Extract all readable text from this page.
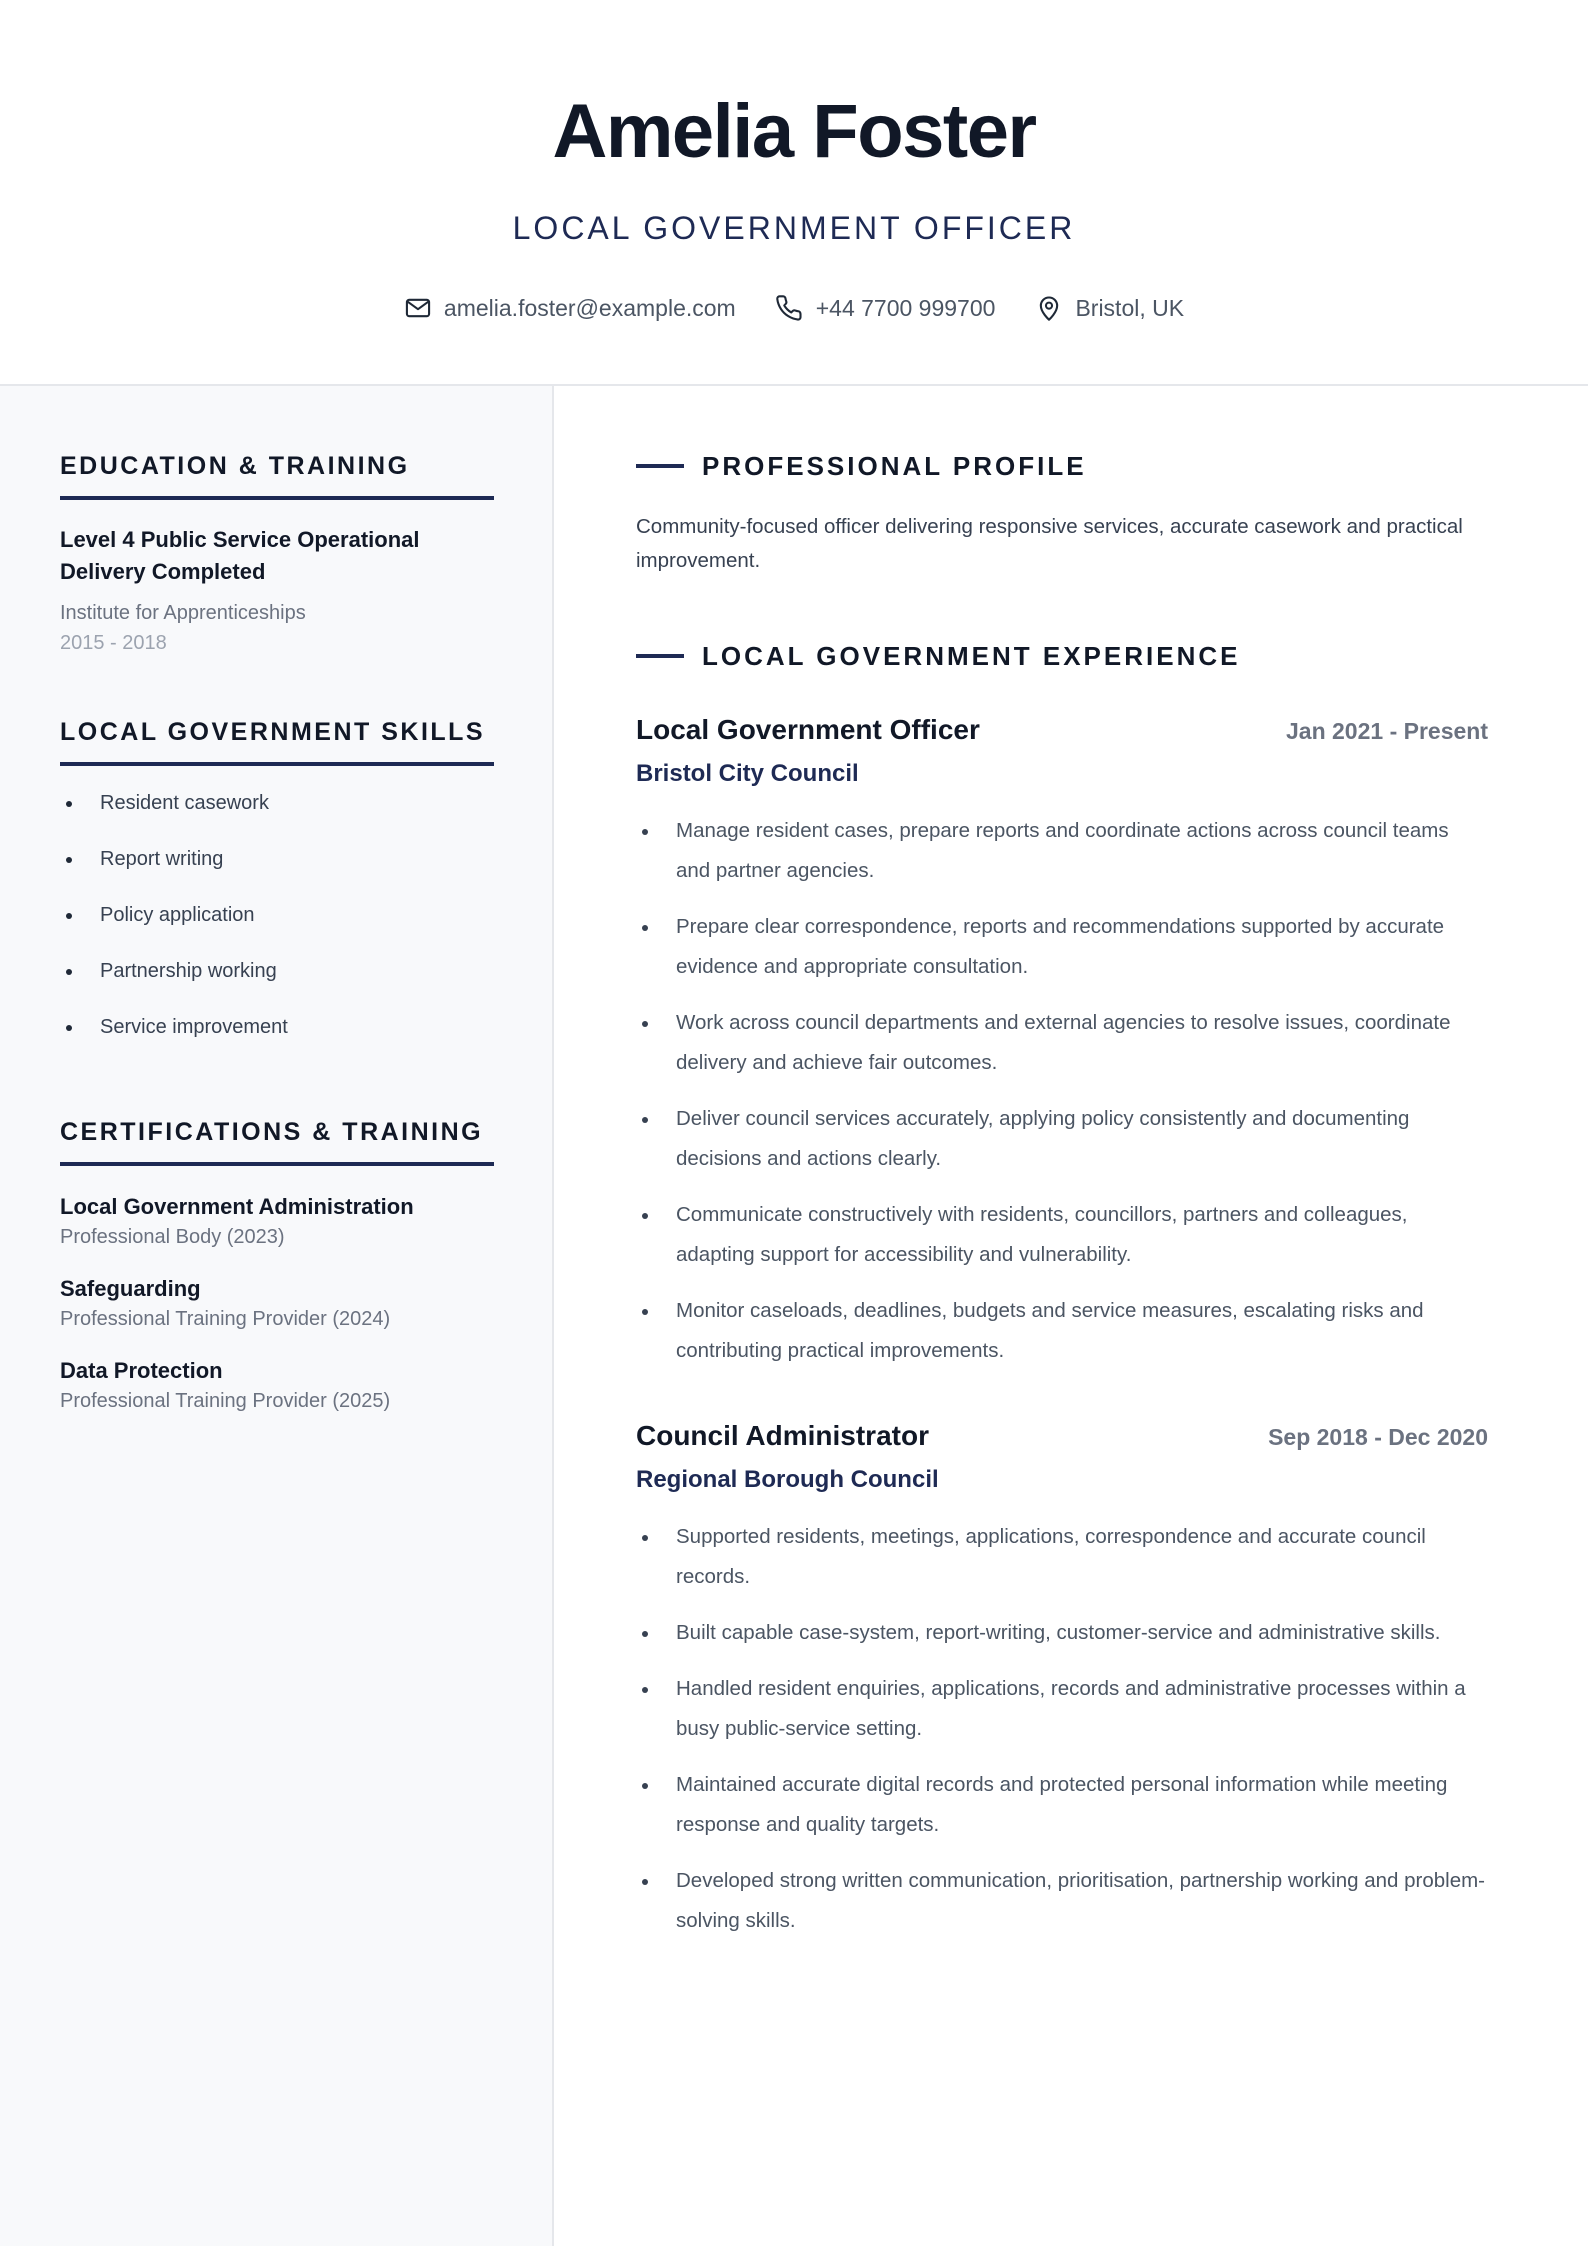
Amelia Foster
LOCAL GOVERNMENT OFFICER
amelia.foster@example.com	+44 7700 999700	Bristol, UK
EDUCATION & TRAINING
Level 4 Public Service Operational Delivery Completed
Institute for Apprenticeships
2015 - 2018
LOCAL GOVERNMENT SKILLS
Resident casework
Report writing
Policy application
Partnership working
Service improvement
CERTIFICATIONS & TRAINING
Local Government Administration
Professional Body (2023)
Safeguarding
Professional Training Provider (2024)
Data Protection
Professional Training Provider (2025)
PROFESSIONAL PROFILE
Community-focused officer delivering responsive services, accurate casework and practical improvement.
LOCAL GOVERNMENT EXPERIENCE
Local Government Officer	Jan 2021 - Present
Bristol City Council
Manage resident cases, prepare reports and coordinate actions across council teams and partner agencies.
Prepare clear correspondence, reports and recommendations supported by accurate evidence and appropriate consultation.
Work across council departments and external agencies to resolve issues, coordinate delivery and achieve fair outcomes.
Deliver council services accurately, applying policy consistently and documenting decisions and actions clearly.
Communicate constructively with residents, councillors, partners and colleagues, adapting support for accessibility and vulnerability.
Monitor caseloads, deadlines, budgets and service measures, escalating risks and contributing practical improvements.
Council Administrator	Sep 2018 - Dec 2020
Regional Borough Council
Supported residents, meetings, applications, correspondence and accurate council records.
Built capable case-system, report-writing, customer-service and administrative skills.
Handled resident enquiries, applications, records and administrative processes within a busy public-service setting.
Maintained accurate digital records and protected personal information while meeting response and quality targets.
Developed strong written communication, prioritisation, partnership working and problem-solving skills.
